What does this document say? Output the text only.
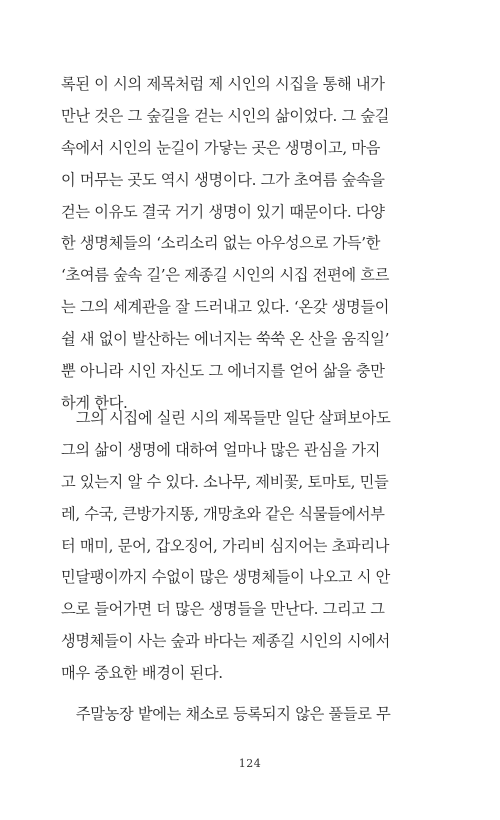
록된 이 시의 제목처럼 제 시인의 시집을 통해 내가
만난 것은 그 숲길을 걷는 시인의 삶이었다. 그 숲길
속에서 시인의 눈길이 가닿는 곳은 생명이고, 마음
이 머무는 곳도 역시 생명이다. 그가 초여름 숲속을
걷는 이유도 결국 거기 생명이 있기 때문이다. 다양
한 생명체들의 ‘소리소리 없는 아우성으로 가득’한
‘초여름 숲속 길’은 제종길 시인의 시집 전편에 흐르
는 그의 세계관을 잘 드러내고 있다. ‘온갖 생명들이
쉴 새 없이 발산하는 에너지는 쑥쑥 온 산을 움직일’
뿐 아니라 시인 자신도 그 에너지를 얻어 삶을 충만
하게 한다.
　그의 시집에 실린 시의 제목들만 일단 살펴보아도
그의 삶이 생명에 대하여 얼마나 많은 관심을 가지
고 있는지 알 수 있다. 소나무, 제비꽃, 토마토, 민들
레, 수국, 큰방가지똥, 개망초와 같은 식물들에서부
터 매미, 문어, 갑오징어, 가리비 심지어는 초파리나
민달팽이까지 수없이 많은 생명체들이 나오고 시 안
으로 들어가면 더 많은 생명들을 만난다. 그리고 그
생명체들이 사는 숲과 바다는 제종길 시인의 시에서
매우 중요한 배경이 된다.
　주말농장 밭에는 채소로 등록되지 않은 풀들로 무
124
